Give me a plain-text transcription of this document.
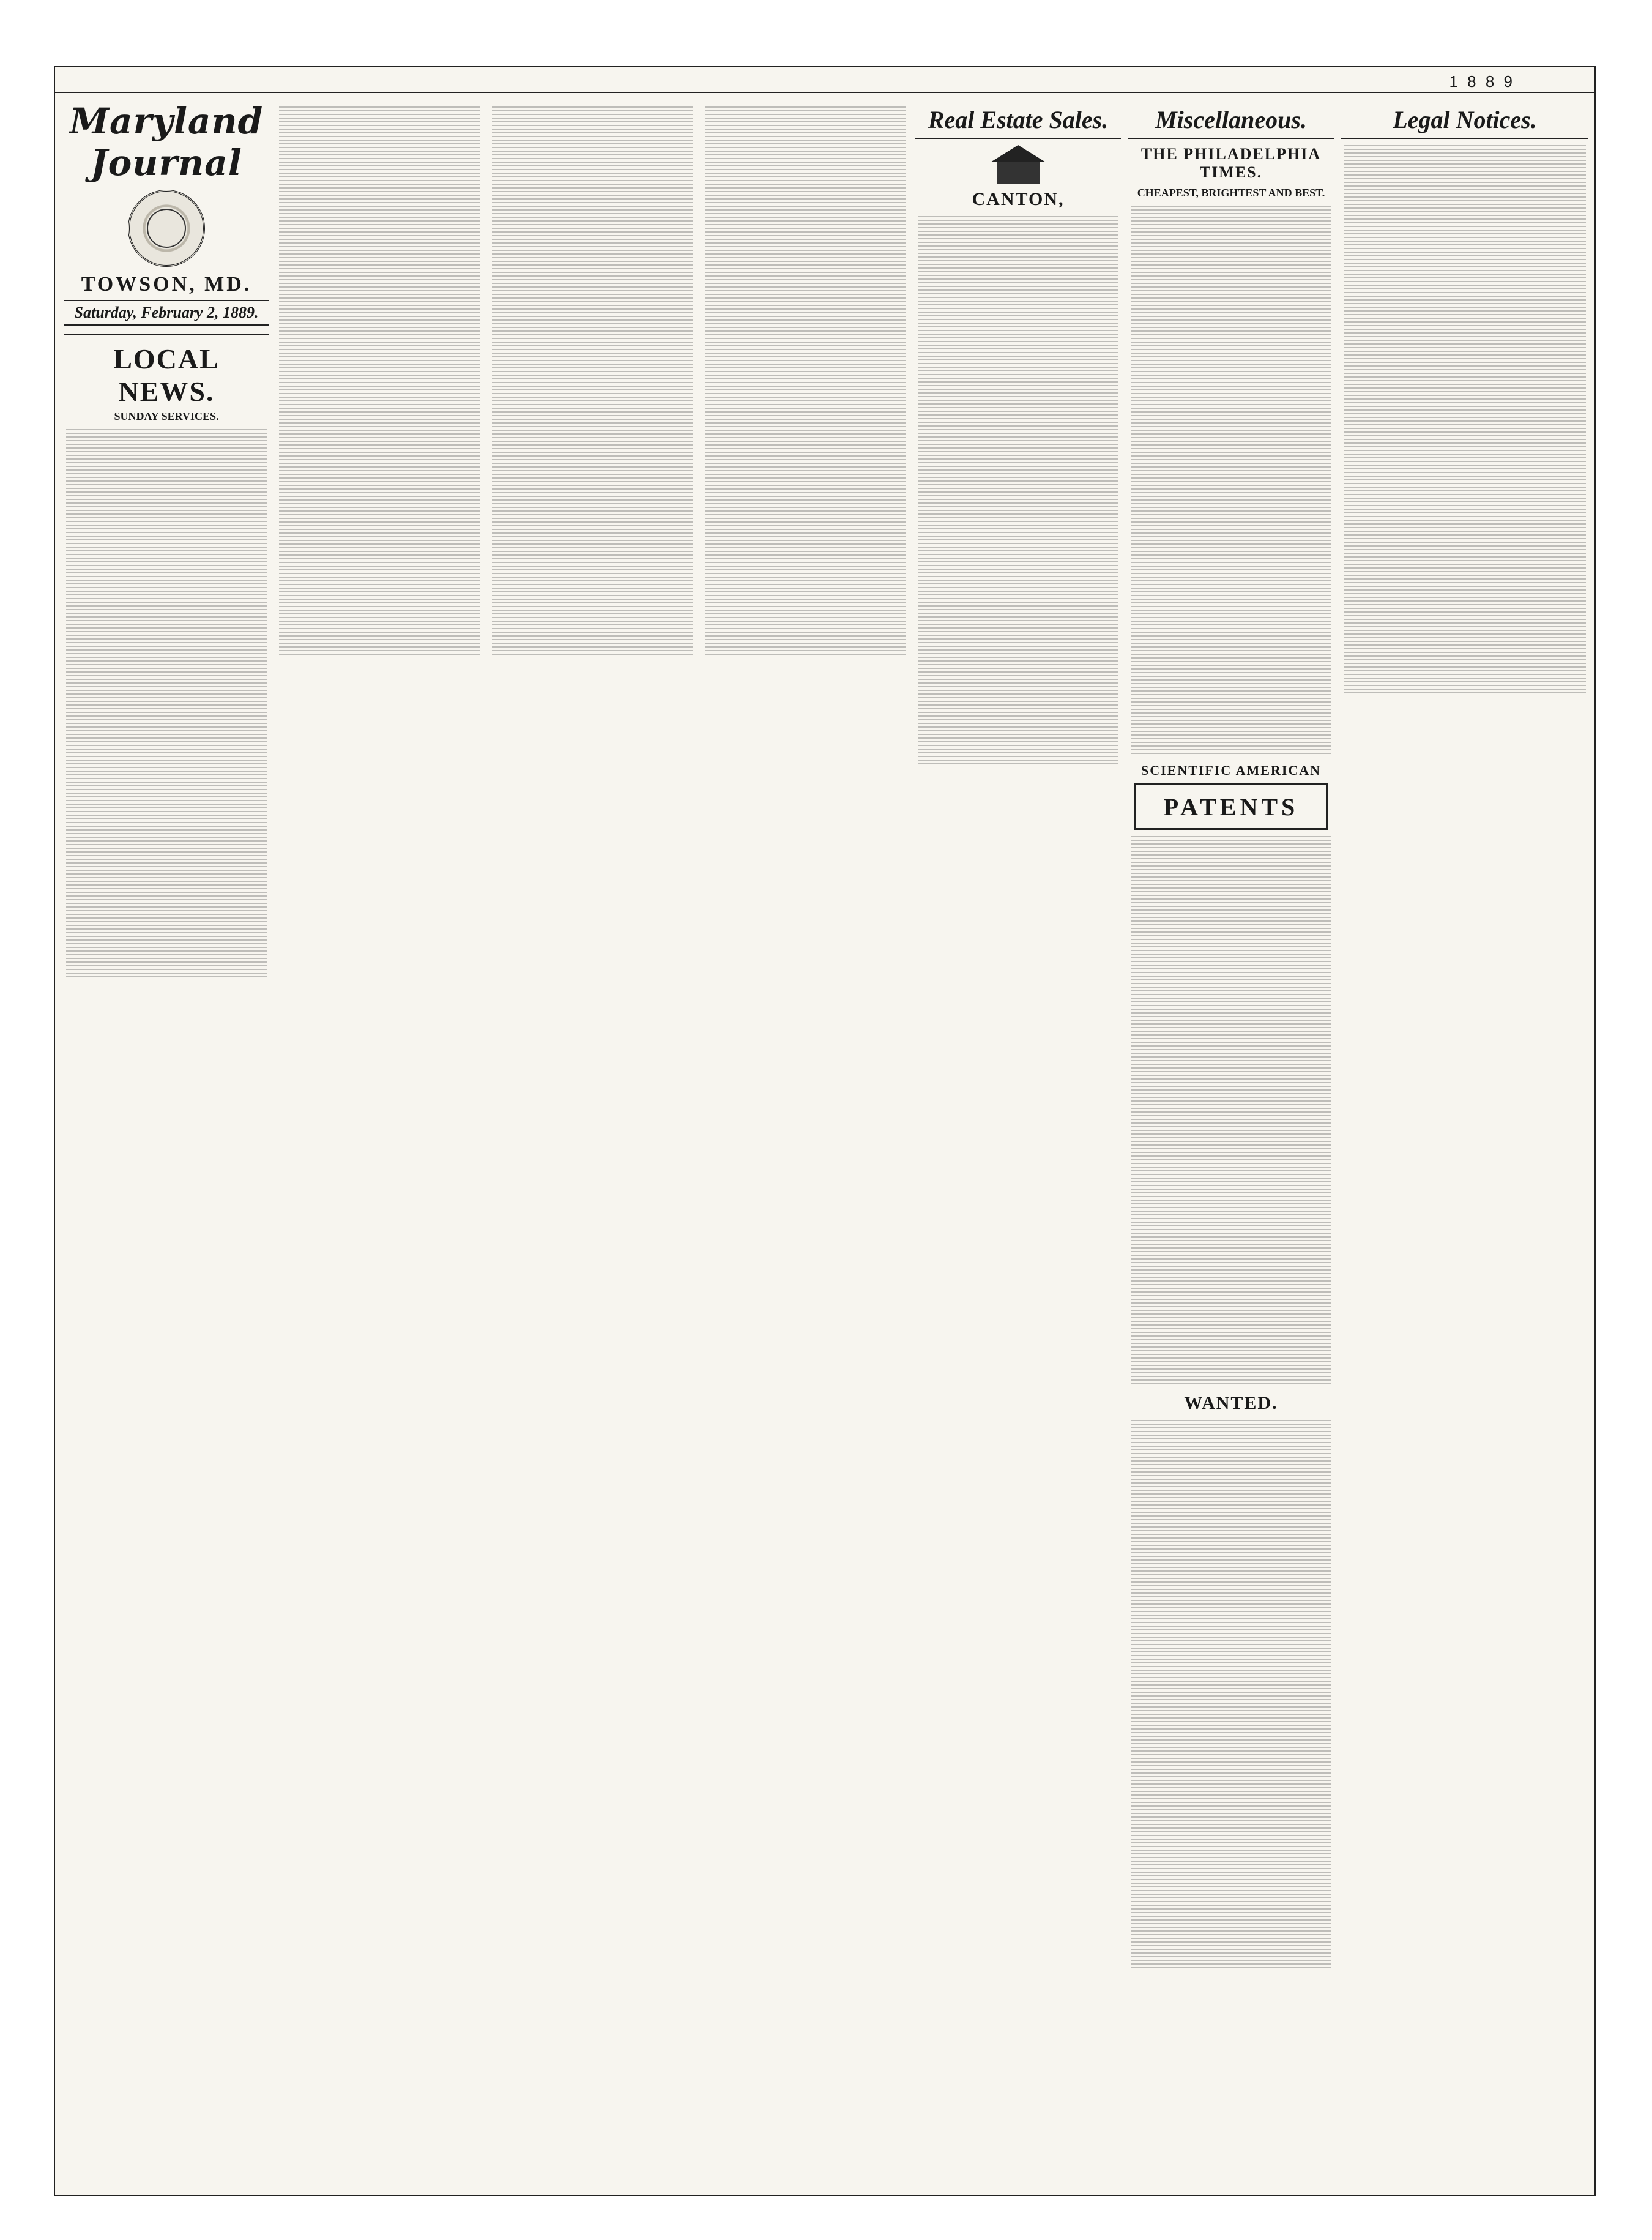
1 8 8 9
Maryland Journal
TOWSON, MD.
Saturday, February 2, 1889.
LOCAL NEWS.
SUNDAY SERVICES.
Real Estate Sales.
CANTON,
Miscellaneous.
THE PHILADELPHIA TIMES.
CHEAPEST, BRIGHTEST AND BEST.
SCIENTIFIC AMERICAN
PATENTS
WANTED.
Legal Notices.
